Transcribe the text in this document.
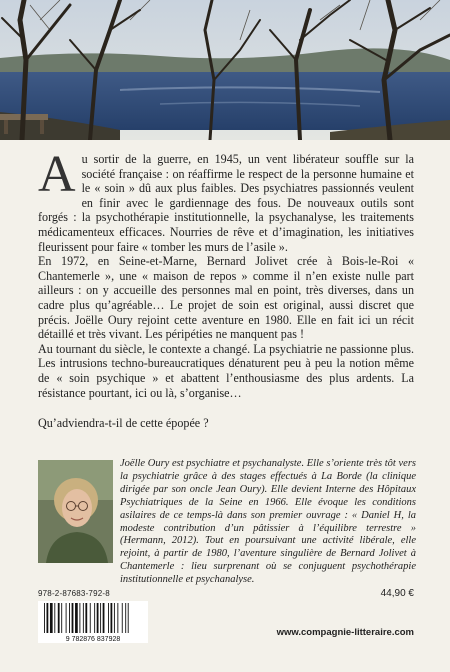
Au sortir de la guerre, en 1945, un vent libérateur souffle sur la société française : on réaffirme le respect de la personne humaine et le « soin » dû aux plus faibles. Des psychiatres passionnés veulent en finir avec le gardiennage des fous. De nouveaux outils sont forgés : la psychothérapie institutionnelle, la psychanalyse, les traitements médicamenteux efficaces. Nourries de rêve et d’imagination, les initiatives fleurissent pour faire « tomber les murs de l’asile ».

En 1972, en Seine-et-Marne, Bernard Jolivet crée à Bois-le-Roi « Chantemerle », une « maison de repos » comme il n’en existe nulle part ailleurs : on y accueille des personnes mal en point, très diverses, dans un cadre plus qu’agréable… Le projet de soin est original, aussi discret que précis. Joëlle Oury rejoint cette aventure en 1980. Elle en fait ici un récit détaillé et très vivant. Les péripéties ne manquent pas !

Au tournant du siècle, le contexte a changé. La psychiatrie ne passionne plus. Les intrusions techno-bureaucratiques dénaturent peu à peu la notion même de « soin psychique » et abattent l’enthousiasme des plus ardents. La résistance pourtant, ici ou là, s’organise…

Qu’adviendra-t-il de cette épopée ?

Joëlle Oury est psychiatre et psychanalyste. Elle s’oriente très tôt vers la psychiatrie grâce à des stages effectués à La Borde (la clinique dirigée par son oncle Jean Oury). Elle devient Interne des Hôpitaux Psychiatriques de la Seine en 1966. Elle évoque les conditions asilaires de ce temps-là dans son premier ouvrage : « Daniel H, la modeste contribution d’un pâtissier à l’équilibre terrestre » (Hermann, 2012). Tout en poursuivant une activité libérale, elle rejoint, à partir de 1980, l’aventure singulière de Bernard Jolivet à Chantemerle : lieu surprenant où se conjuguent psychothérapie institutionnelle et psychanalyse.
978-2-87683-792-8	44,90 €
9 782876 837928
www.compagnie-litteraire.com
